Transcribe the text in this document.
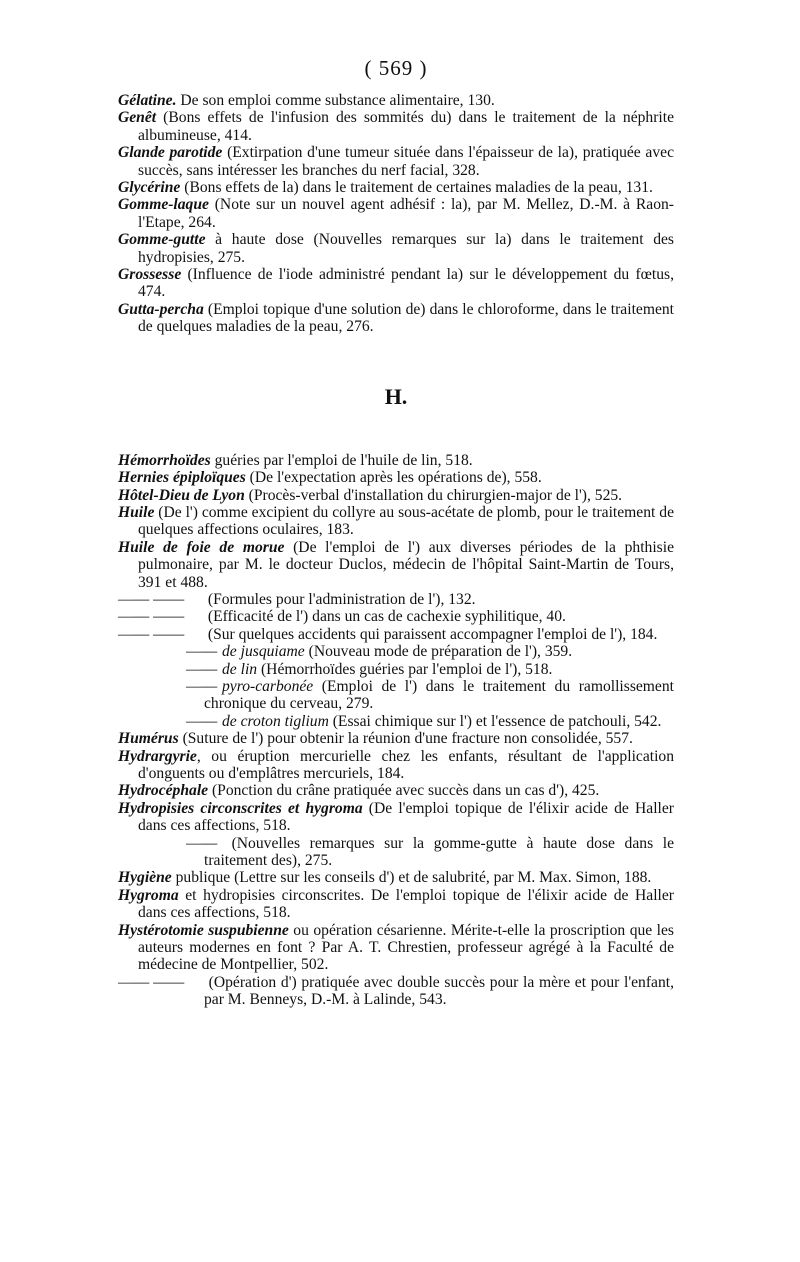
( 569 )

Gélatine. De son emploi comme substance alimentaire, 130.

Genêt (Bons effets de l'infusion des sommités du) dans le traitement de la néphrite albumineuse, 414.

Glande parotide (Extirpation d'une tumeur située dans l'épaisseur de la), pratiquée avec succès, sans intéresser les branches du nerf facial, 328.

Glycérine (Bons effets de la) dans le traitement de certaines maladies de la peau, 131.

Gomme-laque (Note sur un nouvel agent adhésif : la), par M. Mellez, D.-M. à Raon-l'Etape, 264.

Gomme-gutte à haute dose (Nouvelles remarques sur la) dans le traitement des hydropisies, 275.

Grossesse (Influence de l'iode administré pendant la) sur le développement du fœtus, 474.

Gutta-percha (Emploi topique d'une solution de) dans le chloroforme, dans le traitement de quelques maladies de la peau, 276.

H.

Hémorrhoïdes guéries par l'emploi de l'huile de lin, 518.

Hernies épiploïques (De l'expectation après les opérations de), 558.

Hôtel-Dieu de Lyon (Procès-verbal d'installation du chirurgien-major de l'), 525.

Huile (De l') comme excipient du collyre au sous-acétate de plomb, pour le traitement de quelques affections oculaires, 183.

Huile de foie de morue (De l'emploi de l') aux diverses périodes de la phthisie pulmonaire, par M. le docteur Duclos, médecin de l'hôpital Saint-Martin de Tours, 391 et 488.

—— —— (Formules pour l'administration de l'), 132.

—— —— (Efficacité de l') dans un cas de cachexie syphilitique, 40.

—— —— (Sur quelques accidents qui paraissent accompagner l'emploi de l'), 184.

—— de jusquiame (Nouveau mode de préparation de l'), 359.

—— de lin (Hémorrhoïdes guéries par l'emploi de l'), 518.

—— pyro-carbonée (Emploi de l') dans le traitement du ramollissement chronique du cerveau, 279.

—— de croton tiglium (Essai chimique sur l') et l'essence de patchouli, 542.

Humérus (Suture de l') pour obtenir la réunion d'une fracture non consolidée, 557.

Hydrargyrie, ou éruption mercurielle chez les enfants, résultant de l'application d'onguents ou d'emplâtres mercuriels, 184.

Hydrocéphale (Ponction du crâne pratiquée avec succès dans un cas d'), 425.

Hydropisies circonscrites et hygroma (De l'emploi topique de l'élixir acide de Haller dans ces affections, 518.

—— (Nouvelles remarques sur la gomme-gutte à haute dose dans le traitement des), 275.

Hygiène publique (Lettre sur les conseils d') et de salubrité, par M. Max. Simon, 188.

Hygroma et hydropisies circonscrites. De l'emploi topique de l'élixir acide de Haller dans ces affections, 518.

Hystérotomie suspubienne ou opération césarienne. Mérite-t-elle la proscription que les auteurs modernes en font ? Par A. T. Chrestien, professeur agrégé à la Faculté de médecine de Montpellier, 502.

—— —— (Opération d') pratiquée avec double succès pour la mère et pour l'enfant, par M. Benneys, D.-M. à Lalinde, 543.
